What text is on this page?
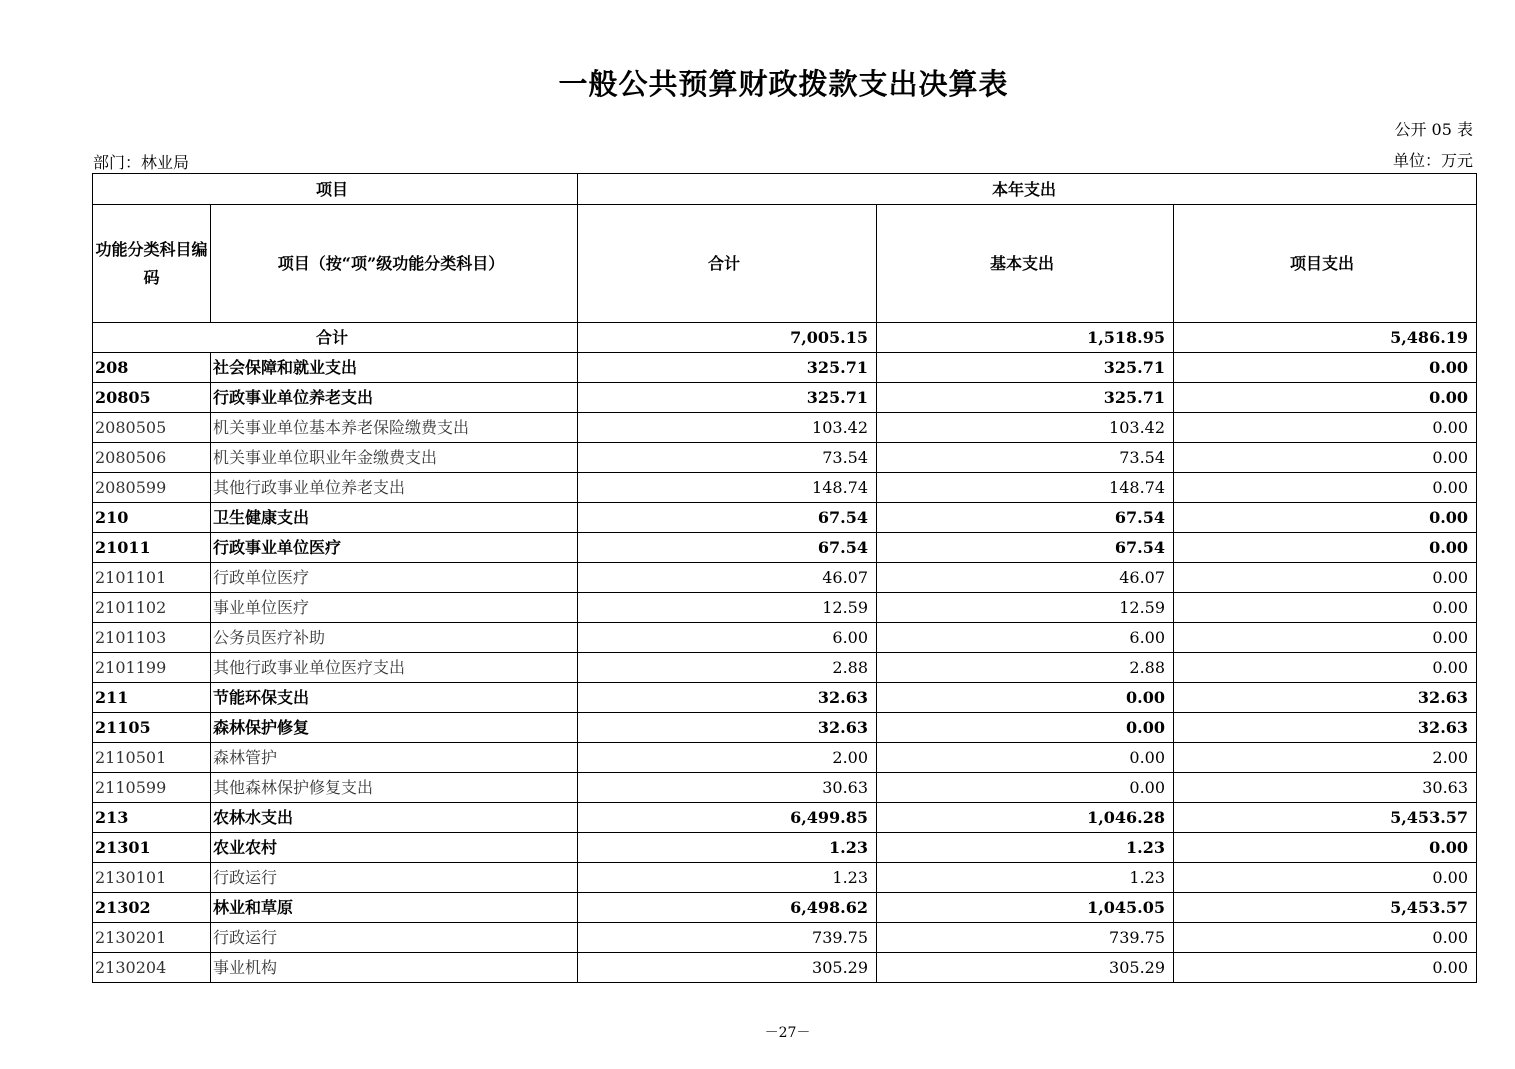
一般公共预算财政拨款支出决算表
公开 05 表
部门：林业局	单位：万元
项目		本年支出		
功能分类科目编码	项目（按“项”级功能分类科目）	合计	基本支出	项目支出
合计		7,005.15	1,518.95	5,486.19
208	社会保障和就业支出	325.71	325.71	0.00
20805	行政事业单位养老支出	325.71	325.71	0.00
2080505	机关事业单位基本养老保险缴费支出	103.42	103.42	0.00
2080506	机关事业单位职业年金缴费支出	73.54	73.54	0.00
2080599	其他行政事业单位养老支出	148.74	148.74	0.00
210	卫生健康支出	67.54	67.54	0.00
21011	行政事业单位医疗	67.54	67.54	0.00
2101101	行政单位医疗	46.07	46.07	0.00
2101102	事业单位医疗	12.59	12.59	0.00
2101103	公务员医疗补助	6.00	6.00	0.00
2101199	其他行政事业单位医疗支出	2.88	2.88	0.00
211	节能环保支出	32.63	0.00	32.63
21105	森林保护修复	32.63	0.00	32.63
2110501	森林管护	2.00	0.00	2.00
2110599	其他森林保护修复支出	30.63	0.00	30.63
213	农林水支出	6,499.85	1,046.28	5,453.57
21301	农业农村	1.23	1.23	0.00
2130101	行政运行	1.23	1.23	0.00
21302	林业和草原	6,498.62	1,045.05	5,453.57
2130201	行政运行	739.75	739.75	0.00
2130204	事业机构	305.29	305.29	0.00
－27－
